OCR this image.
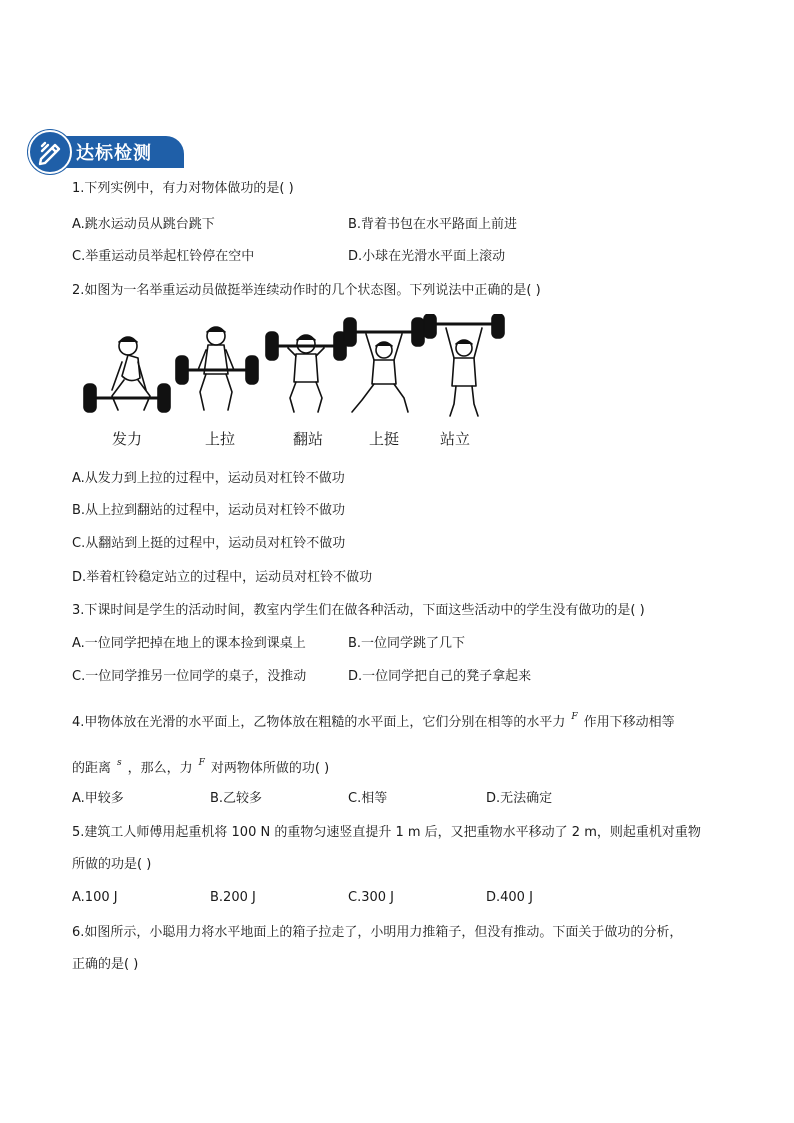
达标检测
1.下列实例中，有力对物体做功的是( )
A.跳水运动员从跳台跳下	B.背着书包在水平路面上前进
C.举重运动员举起杠铃停在空中	D.小球在光滑水平面上滚动
2.如图为一名举重运动员做挺举连续动作时的几个状态图。下列说法中正确的是( )
发力	上拉	翻站	上挺	站立
A.从发力到上拉的过程中，运动员对杠铃不做功
B.从上拉到翻站的过程中，运动员对杠铃不做功
C.从翻站到上挺的过程中，运动员对杠铃不做功
D.举着杠铃稳定站立的过程中，运动员对杠铃不做功
3.下课时间是学生的活动时间，教室内学生们在做各种活动，下面这些活动中的学生没有做功的是( )
A.一位同学把掉在地上的课本捡到课桌上	B.一位同学跳了几下
C.一位同学推另一位同学的桌子，没推动	D.一位同学把自己的凳子拿起来
4.甲物体放在光滑的水平面上，乙物体放在粗糙的水平面上，它们分别在相等的水平力 $^F$ 作用下移动相等
的距离 $^s$ ，那么，力 $^F$ 对两物体所做的功( )
A.甲较多	B.乙较多	C.相等	D.无法确定
5.建筑工人师傅用起重机将 100 N 的重物匀速竖直提升 1 m 后，又把重物水平移动了 2 m，则起重机对重物
所做的功是( )
A.100 J	B.200 J	C.300 J	D.400 J
6.如图所示，小聪用力将水平地面上的箱子拉走了，小明用力推箱子，但没有推动。下面关于做功的分析，
正确的是( )
